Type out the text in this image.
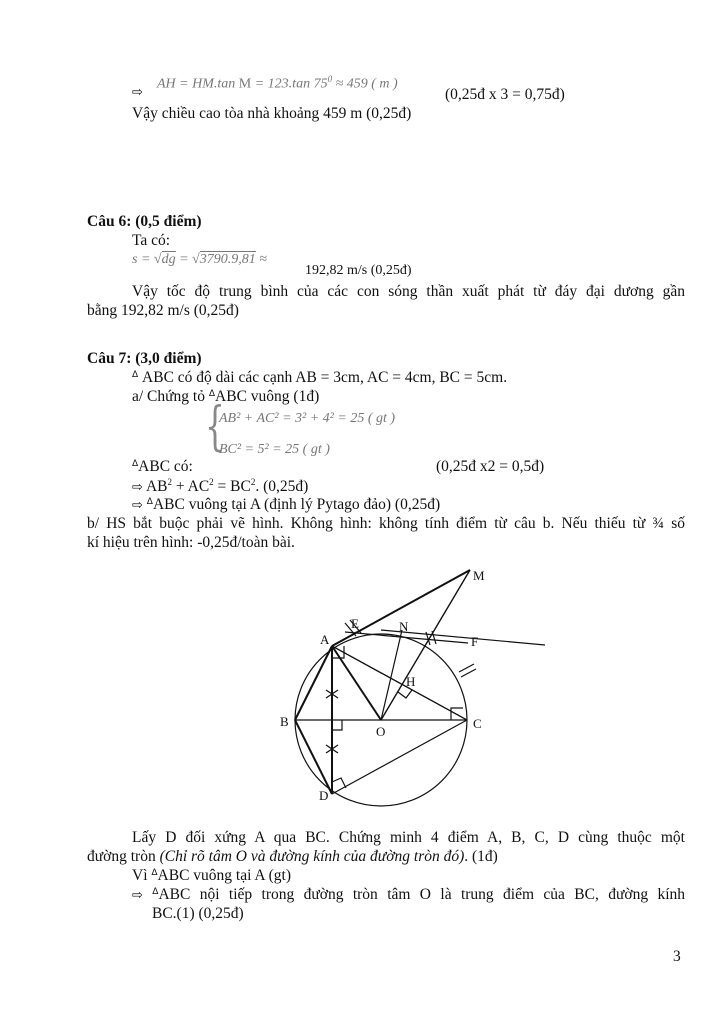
⇨
AH = HM.tan M = 123.tan $75^0 \approx 459$ ( m )
(0,25đ x 3 = 0,75đ)
Vậy chiều cao tòa nhà khoảng 459 m (0,25đ)
Câu 6: (0,5 điểm)
Ta có:
s = √dg = √3790.9,81 ≈
192,82 m/s (0,25đ)
Vậy tốc độ trung bình của các con sóng thần xuất phát từ đáy đại dương gần
bằng 192,82 m/s (0,25đ)
Câu 7: (3,0 điểm)
$^\Delta$ ABC có độ dài các cạnh AB = 3cm, AC = 4cm, BC = 5cm.
a/ Chứng tỏ $^\Delta$ABC vuông (1đ)
{
AB² + AC² = 3² + 4² = 25 ( gt )
BC² = 5² = 25 ( gt )
$^\Delta$ABC có:	(0,25đ x2 = 0,5đ)
⇨ $AB^2 + AC^2 = BC^2$. (0,25đ)
⇨ $^\Delta$ABC vuông tại A (định lý Pytago đảo) (0,25đ)
b/ HS bắt buộc phải vẽ hình. Không hình: không tính điểm từ câu b. Nếu thiếu từ ¾ số
kí hiệu trên hình: -0,25đ/toàn bài.
M
E	N
A	F
H
B
O
C
D
Lấy D đối xứng A qua BC. Chứng minh 4 điểm A, B, C, D cùng thuộc một
đường tròn (Chỉ rõ tâm O và đường kính của đường tròn đó). (1đ)
Vì $^\Delta$ABC vuông tại A (gt)
⇨ $^\Delta$ABC nội tiếp trong đường tròn tâm O là trung điểm của BC, đường kính
BC.(1) (0,25đ)
3
